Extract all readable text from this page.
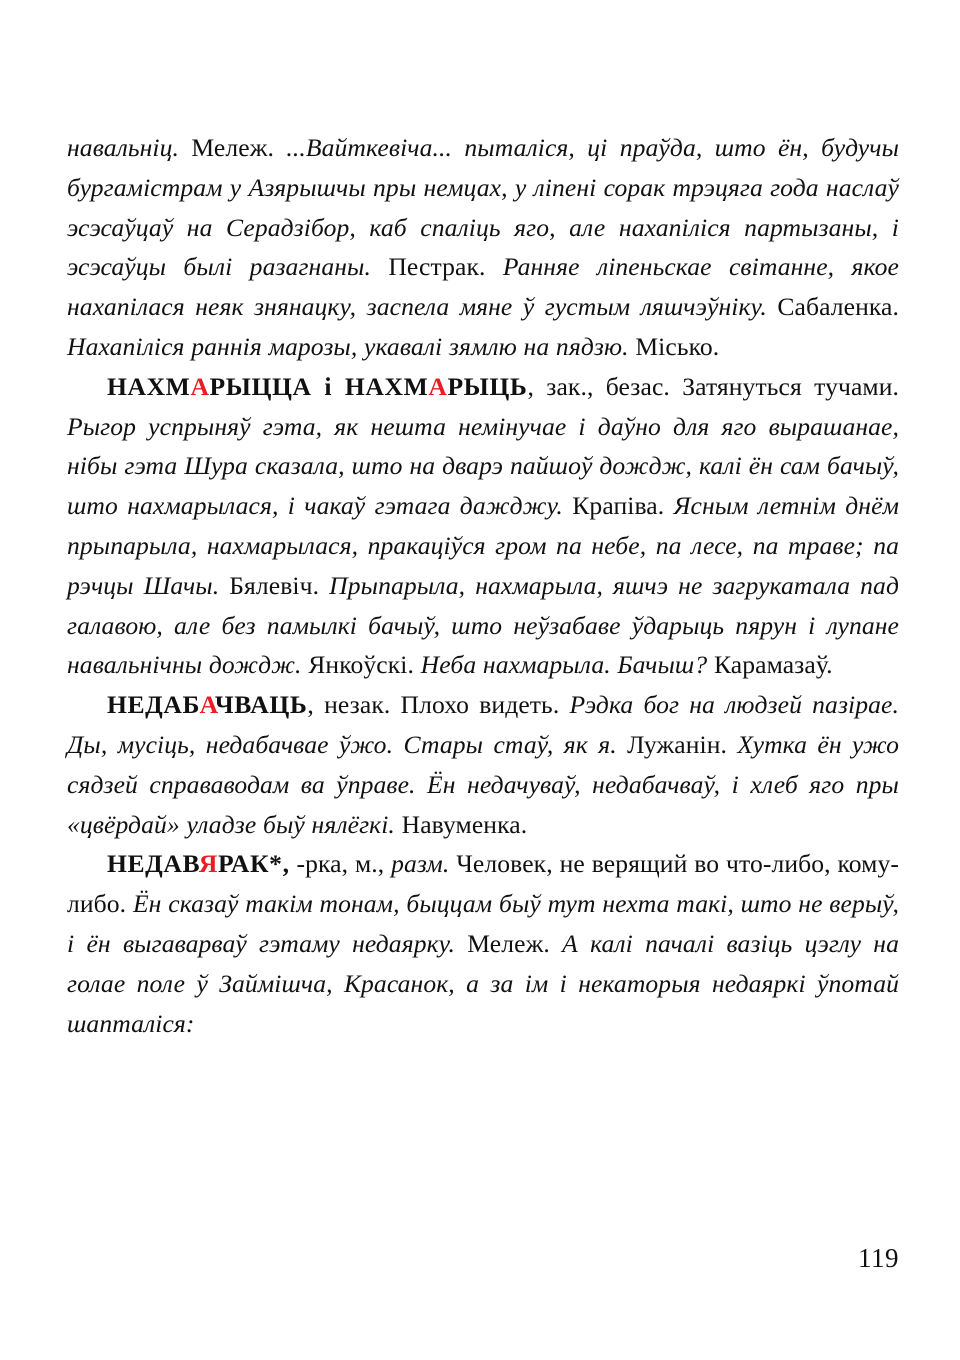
навальніц. Мележ. ...Вайткевіча... пыталіся, ці праўда, што ён, будучы бургамістрам у Азярышчы пры немцах, у ліпені сорак трэцяга года наслаў эсэсаўцаў на Серадзібор, каб спаліць яго, але нахапіліся партызаны, і эсэсаўцы былі разагнаны. Пестрак. Ранняе ліпеньскае світанне, якое нахапілася неяк знянацку, заспела мяне ў густым ляшчэўніку. Сабаленка. Нахапіліся раннія марозы, укавалі зямлю на пядзю. Місько.

НАХМАРЫЦЦА і НАХМАРЫЦЬ, зак., безас. Затянуться тучами. Рыгор успрыняў гэта, як нешта немінучае і даўно для яго вырашанае, нібы гэта Шура сказала, што на дварэ пайшоў дождж, калі ён сам бачыў, што нахмарылася, і чакаў гэтага дажджу. Крапіва. Ясным летнім днём прыпарыла, нахмарылася, пракаціўся гром па небе, па лесе, па траве; па рэчцы Шачы. Бялевіч. Прыпарыла, нахмарыла, яшчэ не загрукатала пад галавою, але без памылкі бачыў, што неўзабаве ўдарыць пярун і лупане навальнічны дождж. Янкоўскі. Неба нахмарыла. Бачыш? Карамазаў.

НЕДАБАЧВАЦЬ, незак. Плохо видеть. Рэдка бог на людзей пазірае. Ды, мусіць, недабачвае ўжо. Стары стаў, як я. Лужанін. Хутка ён ужо сядзей справаводам ва ўправе. Ён недачуваў, недабачваў, і хлеб яго пры «цвёрдай» уладзе быў нялёгкі. Навуменка.

НЕДАВЯРАК*, -рка, м., разм. Человек, не верящий во что-либо, кому-либо. Ён сказаў такім тонам, быццам быў тут нехта такі, што не верыў, і ён выгаварваў гэтаму недаярку. Мележ. А калі пачалі вазіць цэглу на голае поле ў Займішча, Красанок, а за ім і некаторыя недаяркі ўпотай шапталіся:

119
